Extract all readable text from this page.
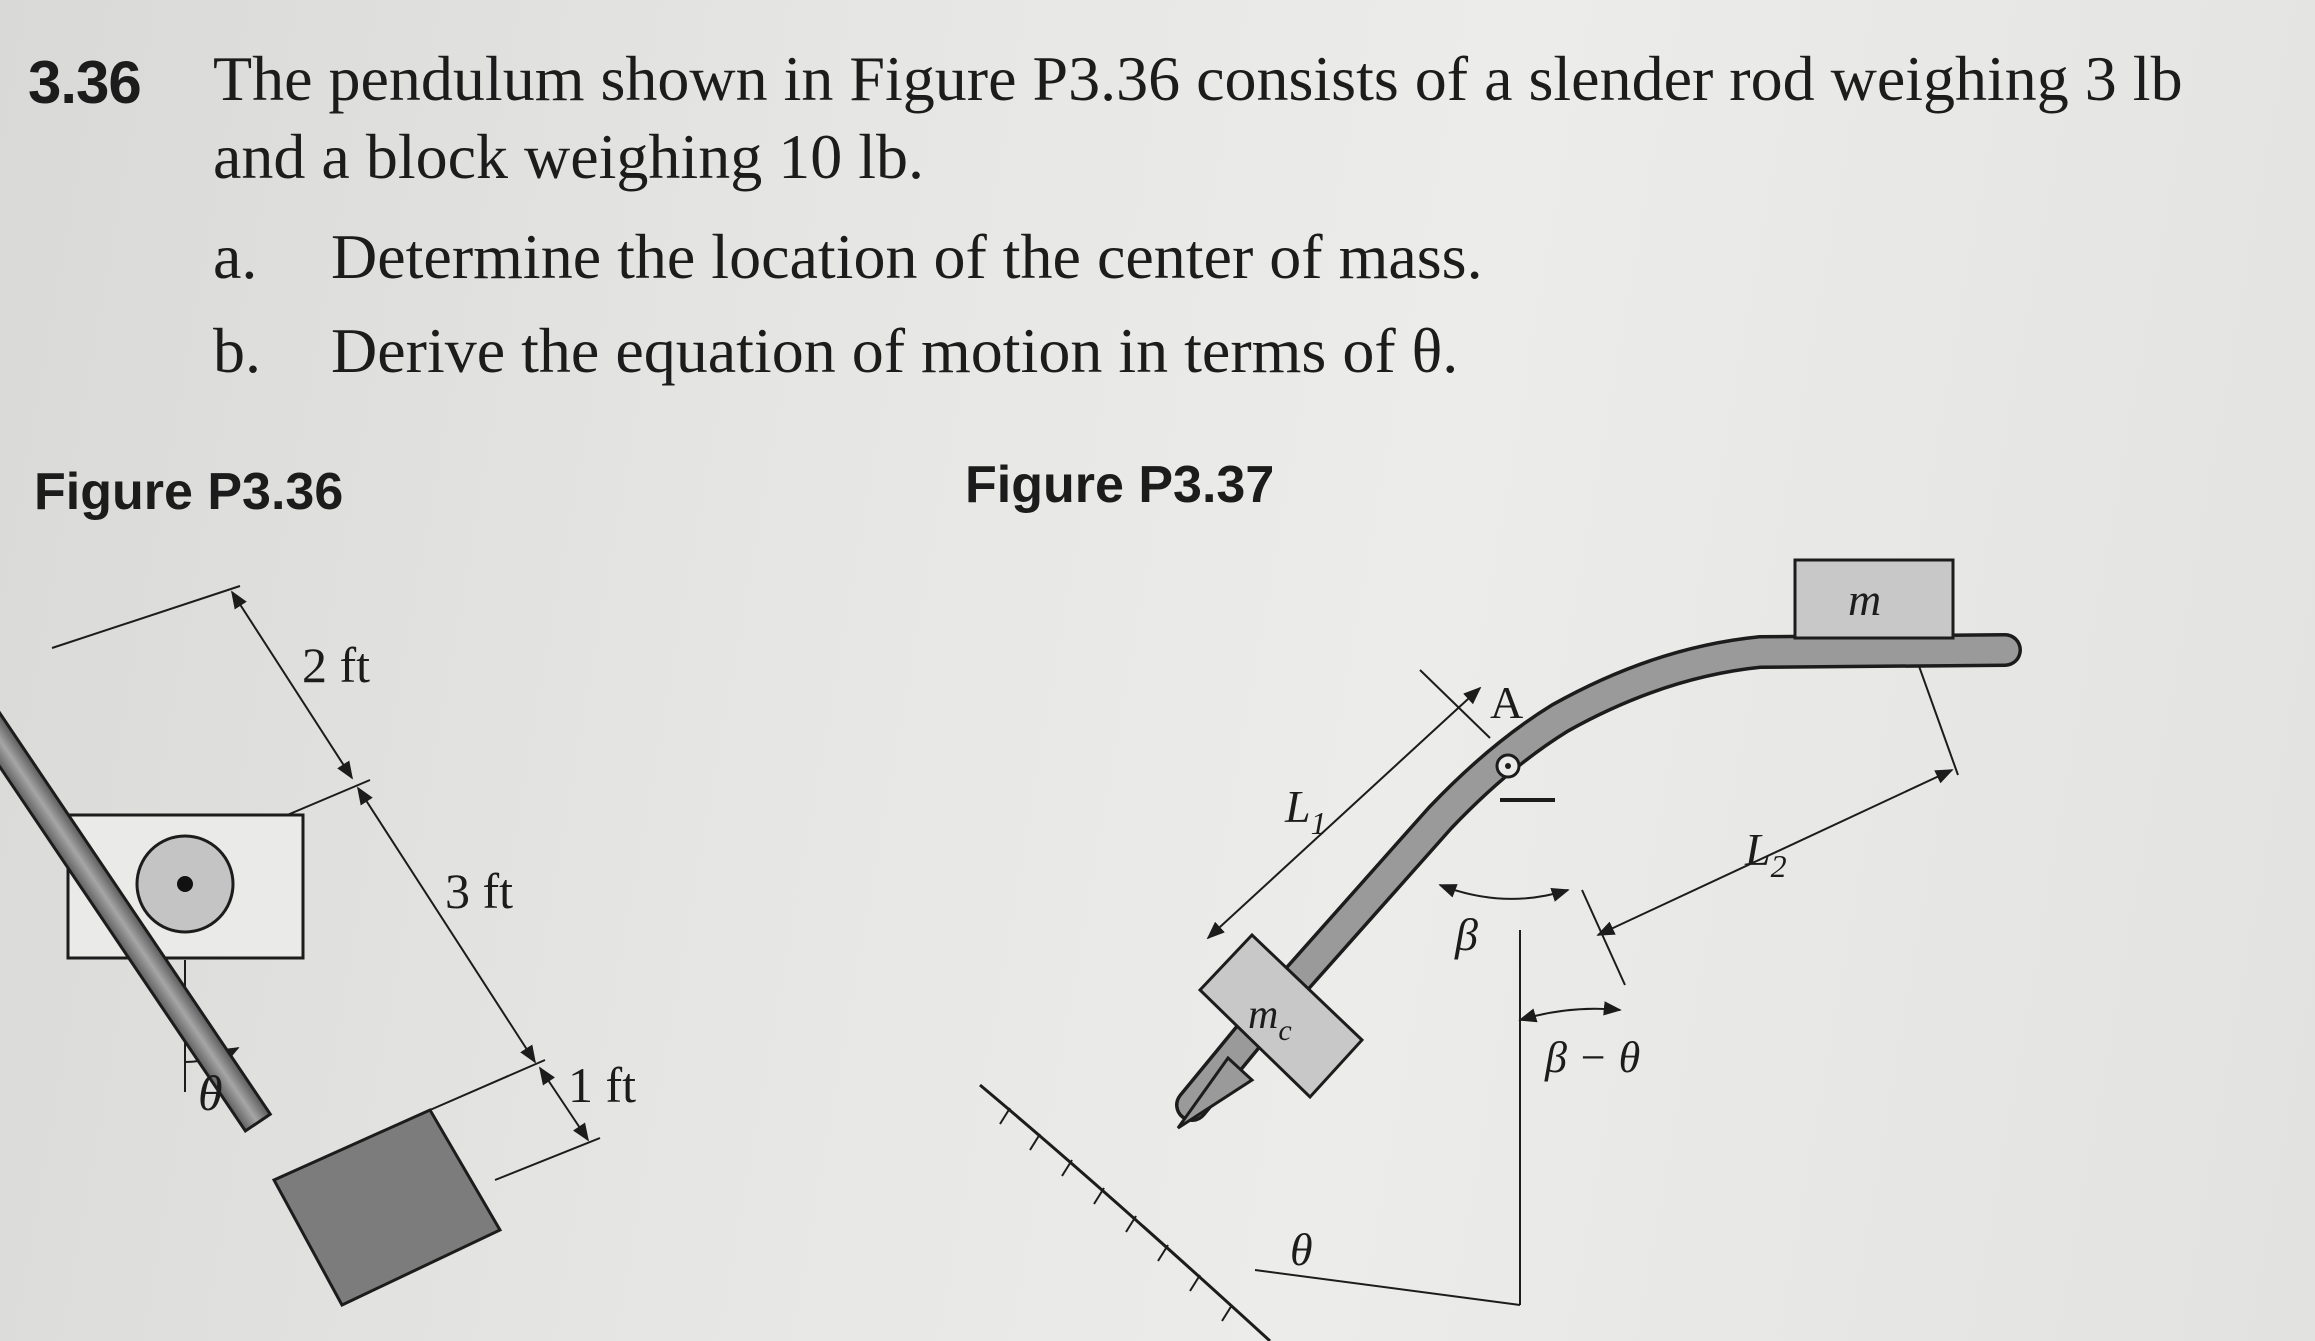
3.36 The pendulum shown in Figure P3.36 consists of a slender rod weighing 3 lb

and a block weighing 10 lb.

a.	Determine the location of the center of mass.
b.	Derive the equation of motion in terms of θ.
Figure P3.36	Figure P3.37
2 ft
3 ft
1 ft
θ
m
$m_c$
A
$L_1$
$L_2$
β
β − θ
θ
